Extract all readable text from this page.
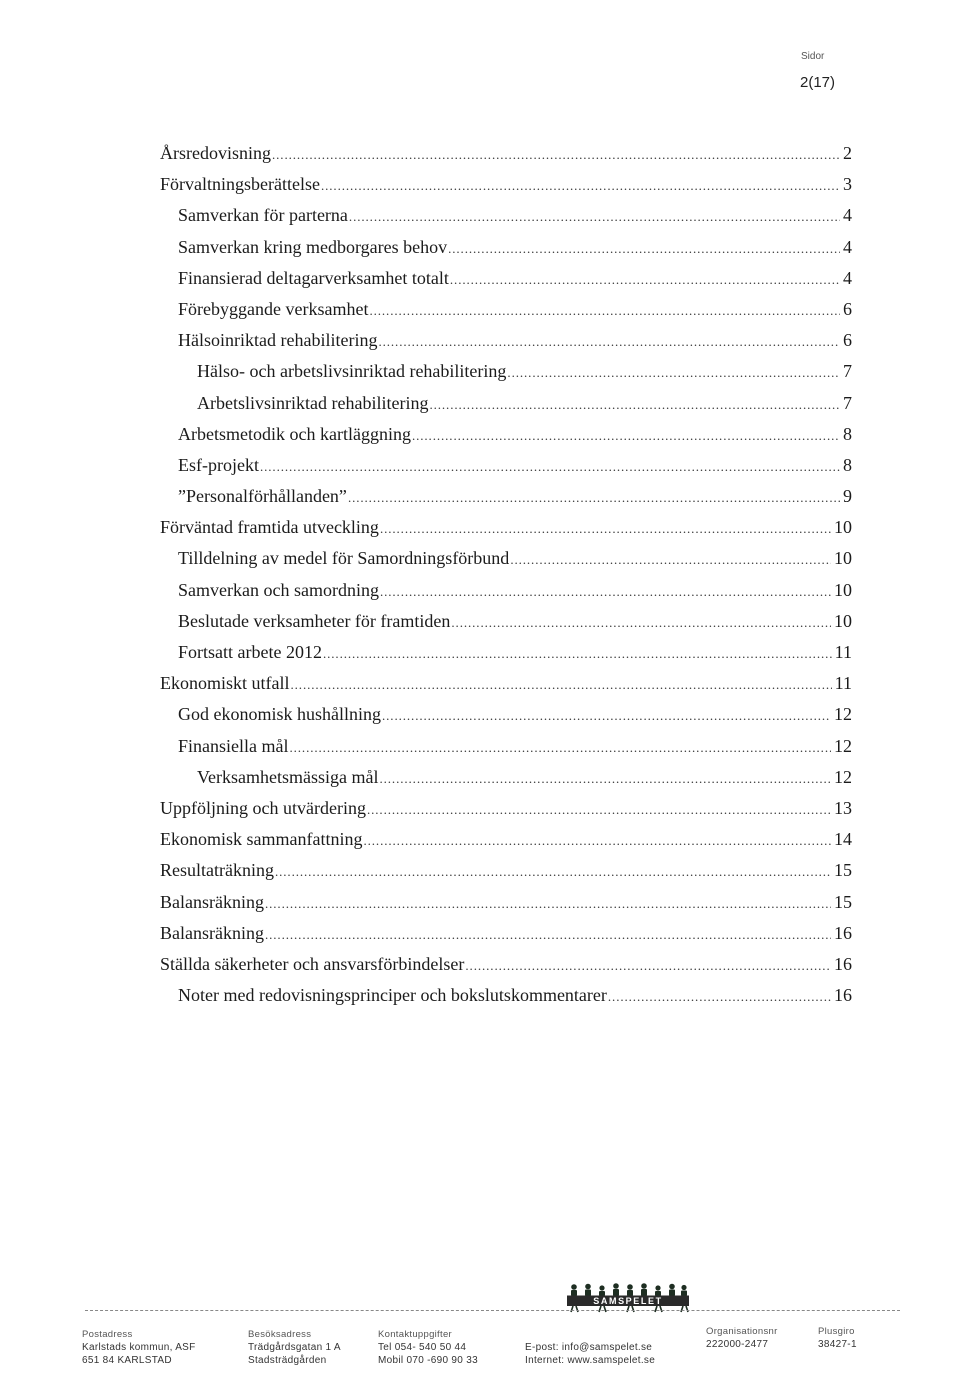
Sidor
2(17)
Årsredovisning .....	2
Förvaltningsberättelse .....	3
Samverkan för parterna .....	4
Samverkan kring medborgares behov .....	4
Finansierad deltagarverksamhet totalt .....	4
Förebyggande verksamhet .....	6
Hälsoinriktad rehabilitering .....	6
Hälso- och arbetslivsinriktad rehabilitering .....	7
Arbetslivsinriktad rehabilitering .....	7
Arbetsmetodik och kartläggning .....	8
Esf-projekt .....	8
”Personalförhållanden” .....	9
Förväntad framtida utveckling .....	10
Tilldelning av medel för Samordningsförbund .....	10
Samverkan och samordning .....	10
Beslutade verksamheter för framtiden .....	10
Fortsatt arbete 2012 .....	11
Ekonomiskt utfall .....	11
God ekonomisk hushållning .....	12
Finansiella mål .....	12
Verksamhetsmässiga mål .....	12
Uppföljning och utvärdering .....	13
Ekonomisk sammanfattning .....	14
Resultaträkning .....	15
Balansräkning .....	15
Balansräkning .....	16
Ställda säkerheter och ansvarsförbindelser .....	16
Noter med redovisningsprinciper och bokslutskommentarer .....	16
SAMSPELET
Postadress
Karlstads kommun, ASF
651 84 KARLSTAD
Besöksadress
Trädgårdsgatan 1 A
Stadsträdgården
Kontaktuppgifter
Tel 054- 540 50 44
Mobil 070 -690 90 33
E-post: info@samspelet.se
Internet: www.samspelet.se
Organisationsnr
222000-2477
Plusgiro
38427-1
